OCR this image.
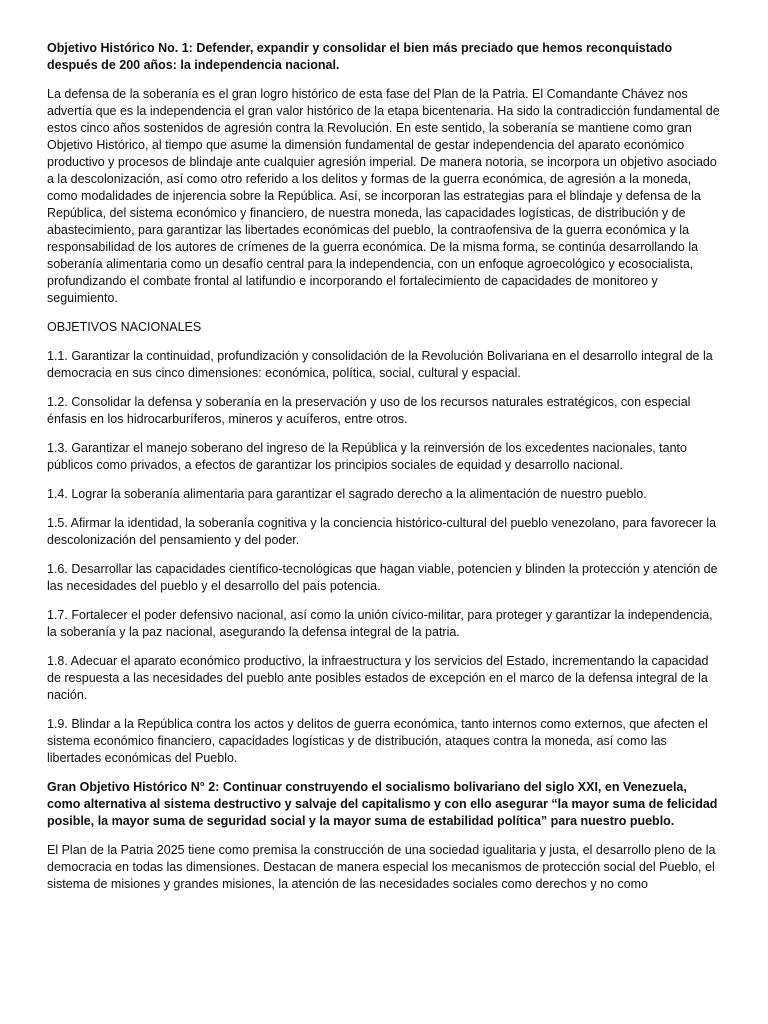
Objetivo Histórico No. 1: Defender, expandir y consolidar el bien más preciado que hemos reconquistado después de 200 años: la independencia nacional.

La defensa de la soberanía es el gran logro histórico de esta fase del Plan de la Patria. El Comandante Chávez nos advertía que es la independencia el gran valor histórico de la etapa bicentenaria. Ha sido la contradicción fundamental de estos cinco años sostenidos de agresión contra la Revolución. En este sentido, la soberanía se mantiene como gran Objetivo Histórico, al tiempo que asume la dimensión fundamental de gestar independencia del aparato económico productivo y procesos de blindaje ante cualquier agresión imperial. De manera notoria, se incorpora un objetivo asociado a la descolonización, así como otro referido a los delitos y formas de la guerra económica, de agresión a la moneda, como modalidades de injerencia sobre la República. Así, se incorporan las estrategias para el blindaje y defensa de la República, del sistema económico y financiero, de nuestra moneda, las capacidades logísticas, de distribución y de abastecimiento, para garantizar las libertades económicas del pueblo, la contraofensiva de la guerra económica y la responsabilidad de los autores de crímenes de la guerra económica. De la misma forma, se continúa desarrollando la soberanía alimentaria como un desafío central para la independencia, con un enfoque agroecológico y ecosocialista, profundizando el combate frontal al latifundio e incorporando el fortalecimiento de capacidades de monitoreo y seguimiento.

OBJETIVOS NACIONALES

1.1. Garantizar la continuidad, profundización y consolidación de la Revolución Bolivariana en el desarrollo integral de la democracia en sus cinco dimensiones: económica, política, social, cultural y espacial.

1.2. Consolidar la defensa y soberanía en la preservación y uso de los recursos naturales estratégicos, con especial énfasis en los hidrocarburíferos, mineros y acuíferos, entre otros.

1.3. Garantizar el manejo soberano del ingreso de la República y la reinversión de los excedentes nacionales, tanto públicos como privados, a efectos de garantizar los principios sociales de equidad y desarrollo nacional.

1.4. Lograr la soberanía alimentaria para garantizar el sagrado derecho a la alimentación de nuestro pueblo.

1.5. Afirmar la identidad, la soberanía cognitiva y la conciencia histórico-cultural del pueblo venezolano, para favorecer la descolonización del pensamiento y del poder.

1.6. Desarrollar las capacidades científico-tecnológicas que hagan viable, potencien y blinden la protección y atención de las necesidades del pueblo y el desarrollo del país potencia.

1.7. Fortalecer el poder defensivo nacional, así como la unión cívico-militar, para proteger y garantizar la independencia, la soberanía y la paz nacional, asegurando la defensa integral de la patria.

1.8. Adecuar el aparato económico productivo, la infraestructura y los servicios del Estado, incrementando la capacidad de respuesta a las necesidades del pueblo ante posibles estados de excepción en el marco de la defensa integral de la nación.

1.9. Blindar a la República contra los actos y delitos de guerra económica, tanto internos como externos, que afecten el sistema económico financiero, capacidades logísticas y de distribución, ataques contra la moneda, así como las libertades económicas del Pueblo.

Gran Objetivo Histórico N° 2: Continuar construyendo el socialismo bolivariano del siglo XXI, en Venezuela, como alternativa al sistema destructivo y salvaje del capitalismo y con ello asegurar “la mayor suma de felicidad posible, la mayor suma de seguridad social y la mayor suma de estabilidad política” para nuestro pueblo.

El Plan de la Patria 2025 tiene como premisa la construcción de una sociedad igualitaria y justa, el desarrollo pleno de la democracia en todas las dimensiones. Destacan de manera especial los mecanismos de protección social del Pueblo, el sistema de misiones y grandes misiones, la atención de las necesidades sociales como derechos y no como
